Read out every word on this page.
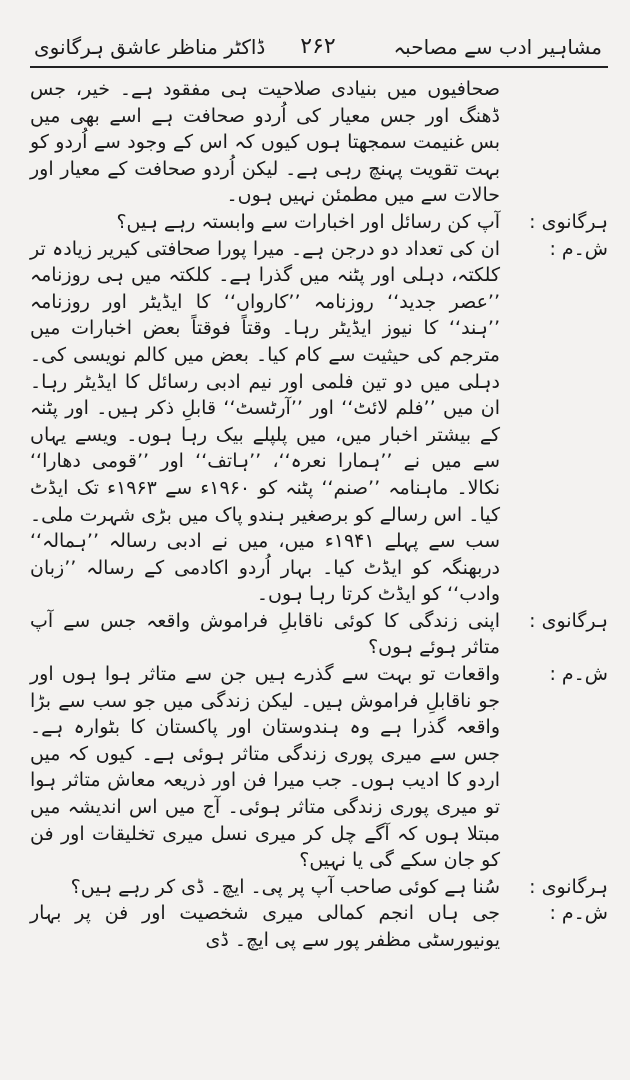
ڈاکٹر مناظر عاشق ہرگانوی ۲۶۲	مشاہیر ادب سے مصاحبہ

صحافیوں میں بنیادی صلاحیت ہی مفقود ہے۔ خیر، جس ڈھنگ اور جس معیار کی اُردو صحافت ہے اسے بھی میں بس غنیمت سمجھتا ہوں کیوں کہ اس کے وجود سے اُردو کو بہت تقویت پہنچ رہی ہے۔ لیکن اُردو صحافت کے معیار اور حالات سے میں مطمئن نہیں ہوں۔

ہرگانوی :
آپ کن رسائل اور اخبارات سے وابستہ رہے ہیں؟

ش۔م :
ان کی تعداد دو درجن ہے۔ میرا پورا صحافتی کیریر زیادہ تر کلکتہ، دہلی اور پٹنہ میں گذرا ہے۔ کلکتہ میں ہی روزنامہ ’’عصر جدید‘‘ روزنامہ ’’کارواں‘‘ کا ایڈیٹر اور روزنامہ ’’ہند‘‘ کا نیوز ایڈیٹر رہا۔ وقتاً فوقتاً بعض اخبارات میں مترجم کی حیثیت سے کام کیا۔ بعض میں کالم نویسی کی۔ دہلی میں دو تین فلمی اور نیم ادبی رسائل کا ایڈیٹر رہا۔ ان میں ’’فلم لائٹ‘‘ اور ’’آرٹسٹ‘‘ قابلِ ذکر ہیں۔ اور پٹنہ کے بیشتر اخبار میں، میں پلپلے بیک رہا ہوں۔ ویسے یہاں سے میں نے ’’ہمارا نعرہ‘‘، ’’ہاتف‘‘ اور ’’قومی دھارا‘‘ نکالا۔ ماہنامہ ’’صنم‘‘ پٹنہ کو ۱۹۶۰ء سے ۱۹۶۳ء تک ایڈٹ کیا۔ اس رسالے کو برصغیر ہندو پاک میں بڑی شہرت ملی۔ سب سے پہلے ۱۹۴۱ء میں، میں نے ادبی رسالہ ’’ہمالہ‘‘ دربھنگہ کو ایڈٹ کیا۔ بہار اُردو اکادمی کے رسالہ ’’زبان وادب‘‘ کو ایڈٹ کرتا رہا ہوں۔

ہرگانوی :
اپنی زندگی کا کوئی ناقابلِ فراموش واقعہ جس سے آپ متاثر ہوئے ہوں؟

ش۔م :
واقعات تو بہت سے گذرے ہیں جن سے متاثر ہوا ہوں اور جو ناقابلِ فراموش ہیں۔ لیکن زندگی میں جو سب سے بڑا واقعہ گذرا ہے وہ ہندوستان اور پاکستان کا بٹوارہ ہے۔ جس سے میری پوری زندگی متاثر ہوئی ہے۔ کیوں کہ میں اردو کا ادیب ہوں۔ جب میرا فن اور ذریعہ معاش متاثر ہوا تو میری پوری زندگی متاثر ہوئی۔ آج میں اس اندیشہ میں مبتلا ہوں کہ آگے چل کر میری نسل میری تخلیقات اور فن کو جان سکے گی یا نہیں؟

ہرگانوی :
سُنا ہے کوئی صاحب آپ پر پی۔ ایچ۔ ڈی کر رہے ہیں؟

ش۔م :
جی ہاں انجم کمالی میری شخصیت اور فن پر بہار یونیورسٹی مظفر پور سے پی ایچ۔ ڈی
